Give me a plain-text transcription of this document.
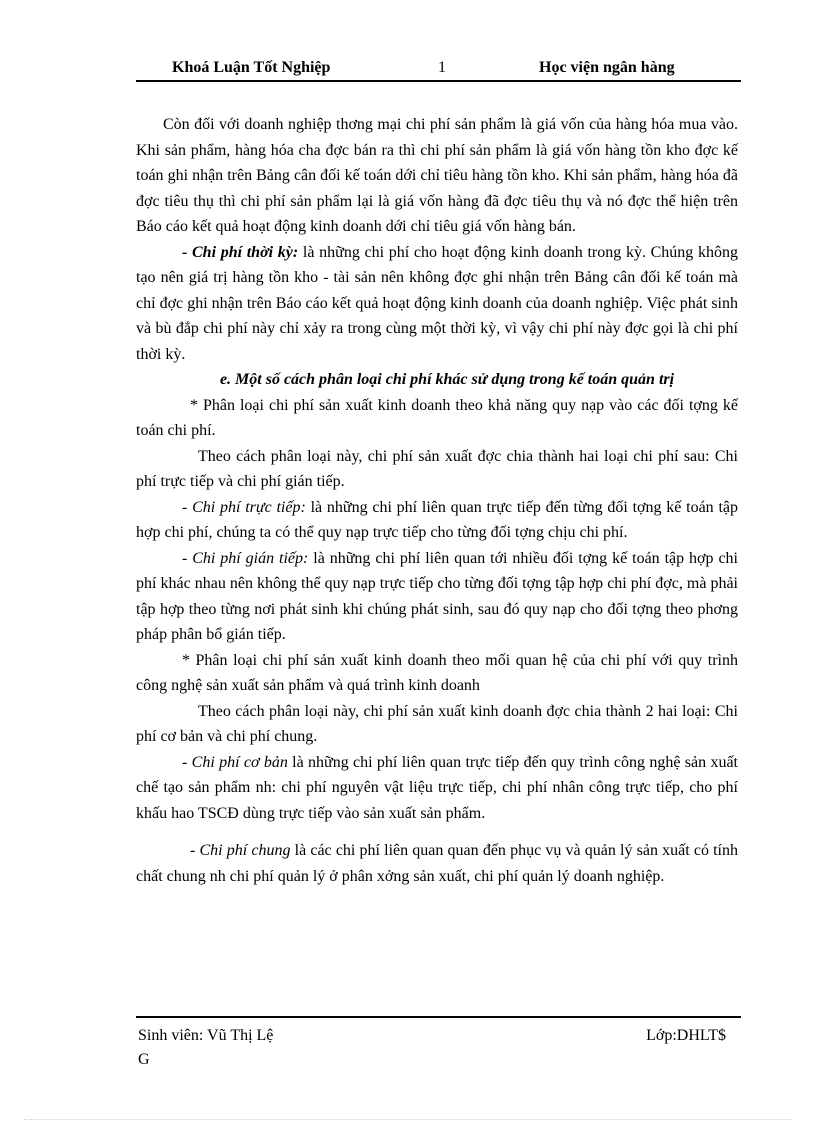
Khoá Luận Tốt Nghiệp	1	Học viện ngân hàng

Còn đối với doanh nghiệp thơng mại chi phí sản phẩm là giá vốn của hàng hóa mua vào. Khi sản phẩm, hàng hóa cha đợc bán ra thì chi phí sản phẩm là giá vốn hàng tồn kho đợc kế toán ghi nhận trên Bảng cân đối kế toán dới chỉ tiêu hàng tồn kho. Khi sản phẩm, hàng hóa đã đợc tiêu thụ thì chi phí sản phẩm lại là giá vốn hàng đã đợc tiêu thụ và nó đợc thể hiện trên Báo cáo kết quả hoạt động kinh doanh dới chỉ tiêu giá vốn hàng bán.

- Chi phí thời kỳ: là những chi phí cho hoạt động kinh doanh trong kỳ. Chúng không tạo nên giá trị hàng tồn kho - tài sản nên không đợc ghi nhận trên Bảng cân đối kế toán mà chỉ đợc ghi nhận trên Báo cáo kết quả hoạt động kinh doanh của doanh nghiệp. Việc phát sinh và bù đắp chi phí này chỉ xảy ra trong cùng một thời kỳ, vì vậy chi phí này đợc gọi là chi phí thời kỳ.

e. Một số cách phân loại chi phí khác sử dụng trong kế toán quản trị

* Phân loại chi phí sản xuất kinh doanh theo khả năng quy nạp vào các đối tợng kế toán chi phí.

Theo cách phân loại này, chi phí sản xuất đợc chia thành hai loại chi phí sau: Chi phí trực tiếp và chi phí gián tiếp.

- Chi phí trực tiếp: là những chi phí liên quan trực tiếp đến từng đối tợng kế toán tập hợp chi phí, chúng ta có thể quy nạp trực tiếp cho từng đối tợng chịu chi phí.

- Chi phí gián tiếp: là những chi phí liên quan tới nhiều đối tợng kế toán tập hợp chi phí khác nhau nên không thể quy nạp trực tiếp cho từng đối tợng tập hợp chi phí đợc, mà phải tập hợp theo từng nơi phát sinh khi chúng phát sinh, sau đó quy nạp cho đối tợng theo phơng pháp phân bổ gián tiếp.

* Phân loại chi phí sản xuất kinh doanh theo mối quan hệ của chi phí với quy trình công nghệ sản xuất sản phẩm và quá trình kinh doanh

Theo cách phân loại này, chi phí sản xuất kinh doanh đợc chia thành 2 hai loại: Chi phí cơ bản và chi phí chung.

- Chi phí cơ bản là những chi phí liên quan trực tiếp đến quy trình công nghệ sản xuất chế tạo sản phẩm nh: chi phí nguyên vật liệu trực tiếp, chi phí nhân công trực tiếp, cho phí khấu hao TSCĐ dùng trực tiếp vào sản xuất sản phẩm.

- Chi phí chung là các chi phí liên quan quan đến phục vụ và quản lý sản xuất có tính chất chung nh chi phí quản lý ở phân xởng sản xuất, chi phí quản lý doanh nghiệp.

Sinh viên: Vũ Thị Lệ
G
Lớp:DHLT$
